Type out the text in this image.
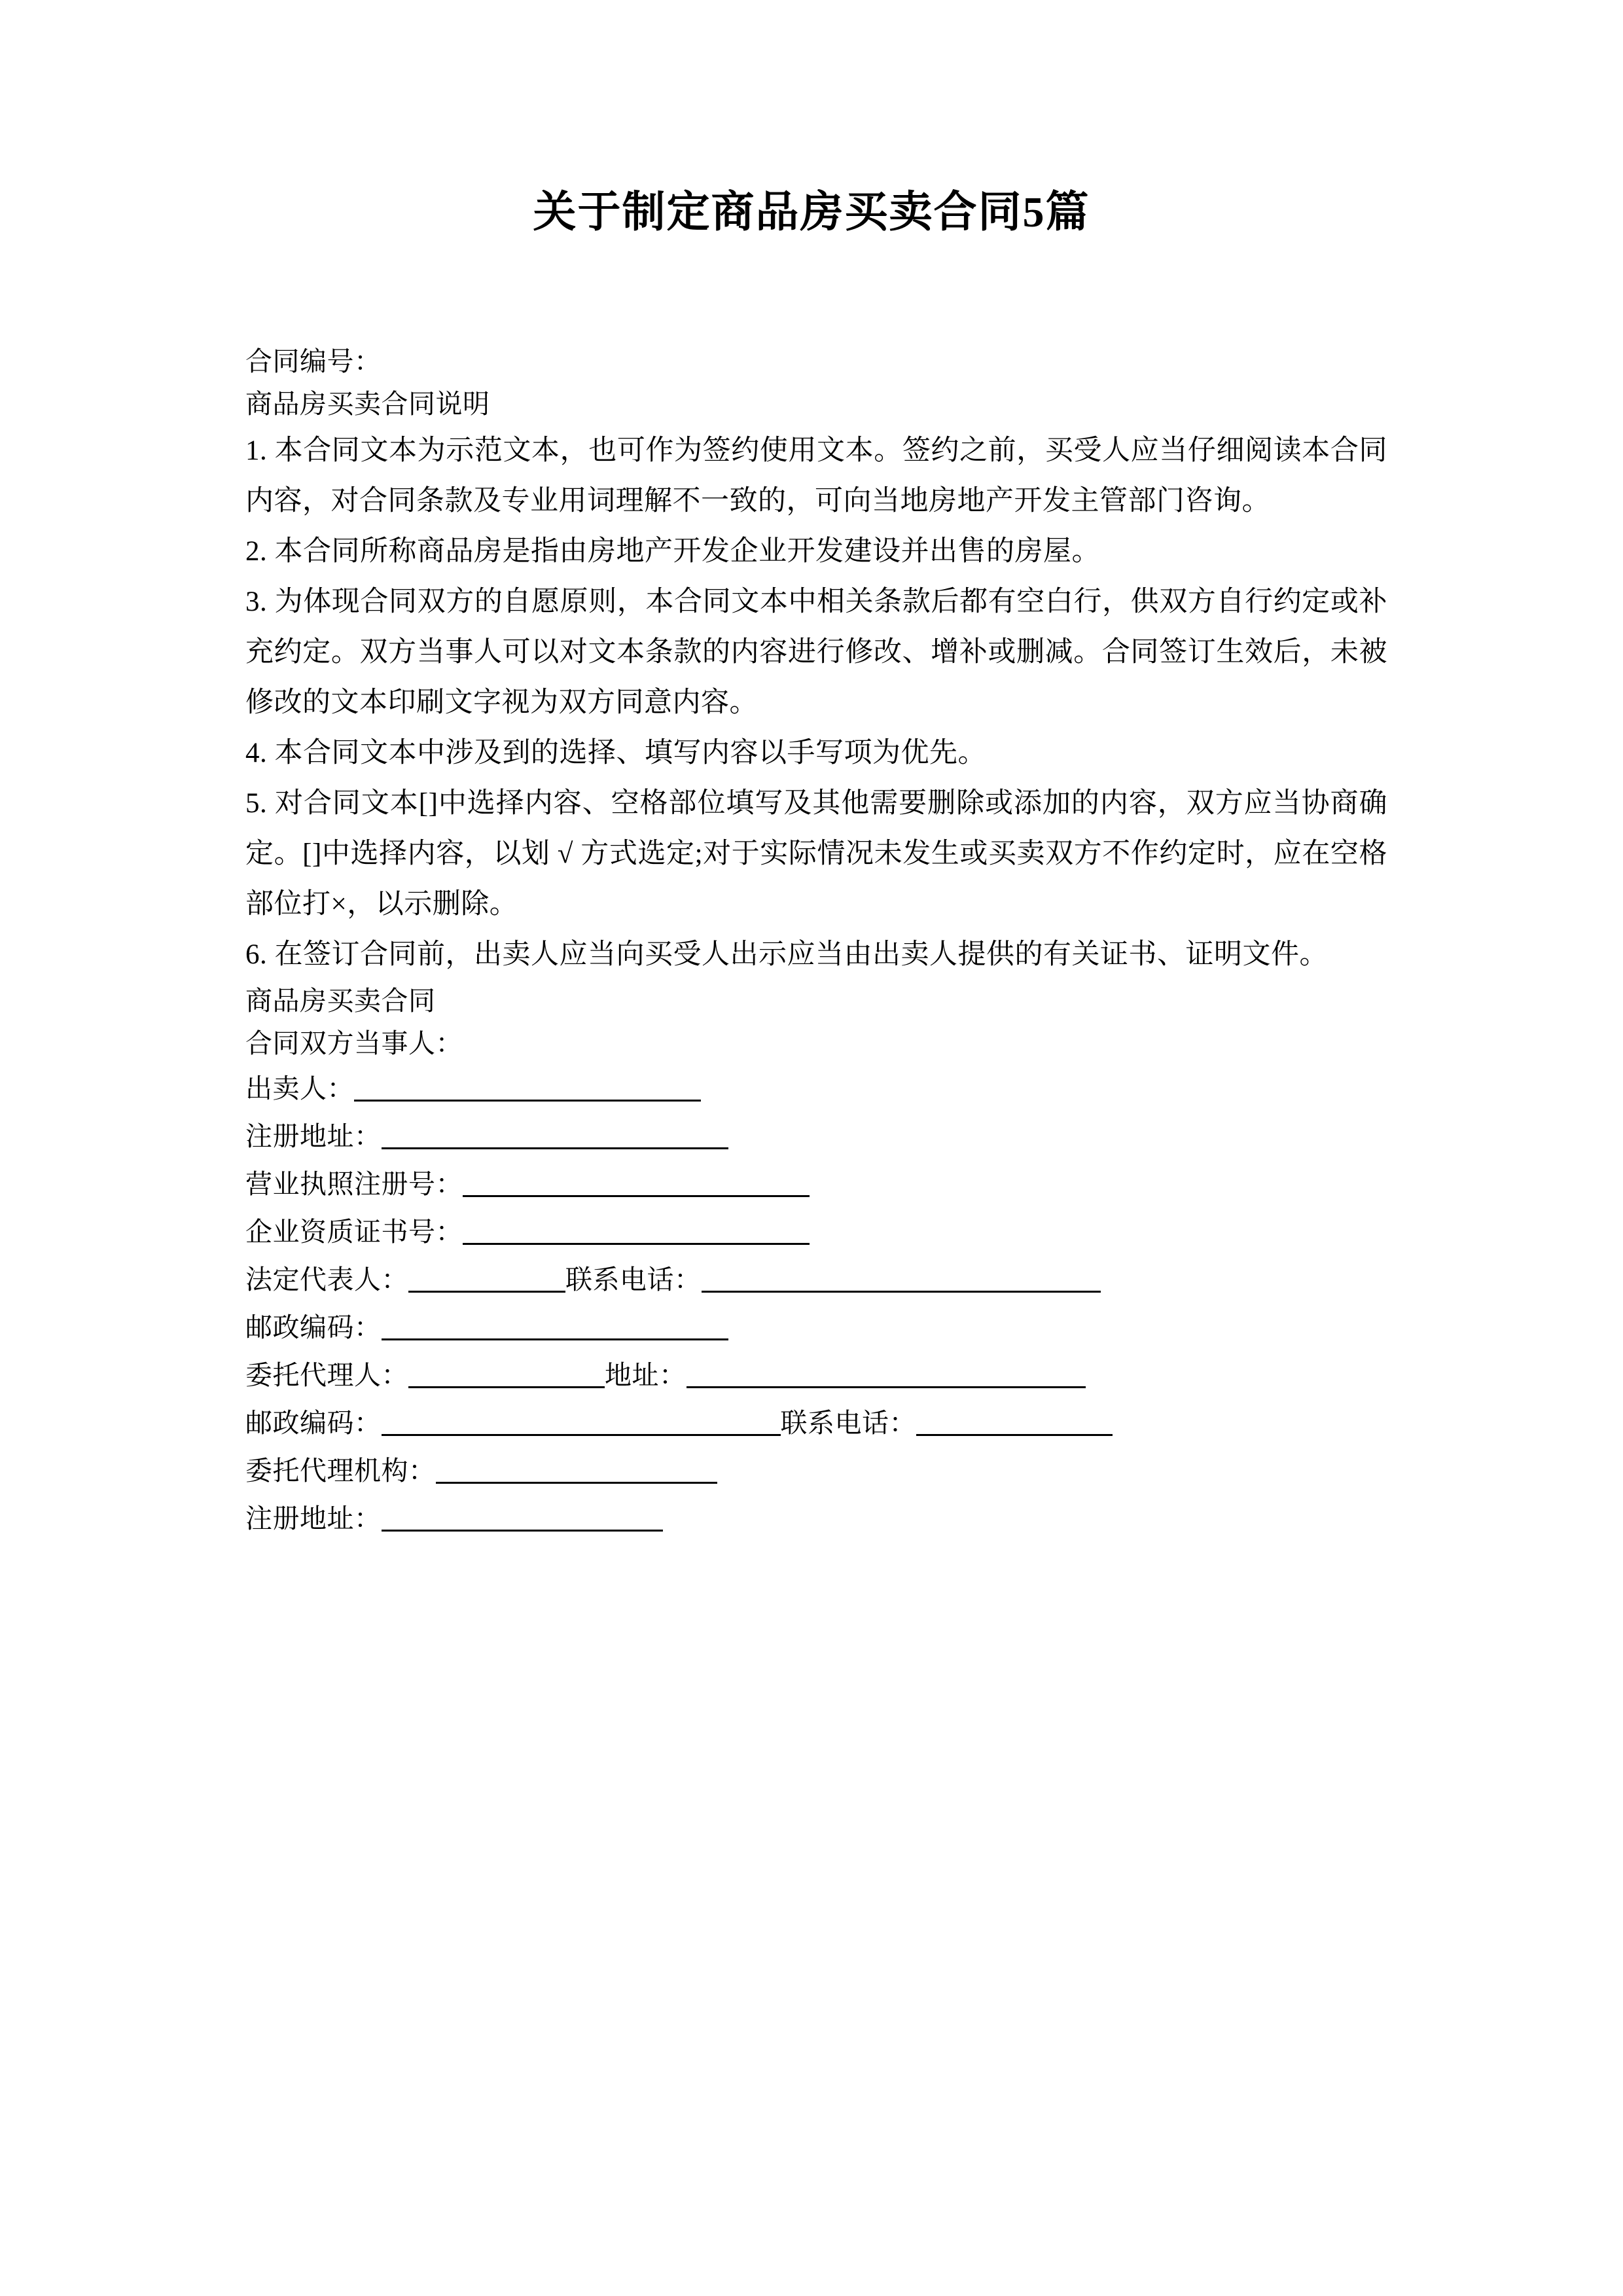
关于制定商品房买卖合同5篇
合同编号：
商品房买卖合同说明

1. 本合同文本为示范文本，也可作为签约使用文本。签约之前，买受人应当仔细阅读本合同内容，对合同条款及专业用词理解不一致的，可向当地房地产开发主管部门咨询。

2. 本合同所称商品房是指由房地产开发企业开发建设并出售的房屋。

3. 为体现合同双方的自愿原则，本合同文本中相关条款后都有空白行，供双方自行约定或补充约定。双方当事人可以对文本条款的内容进行修改、增补或删减。合同签订生效后，未被修改的文本印刷文字视为双方同意内容。

4. 本合同文本中涉及到的选择、填写内容以手写项为优先。

5. 对合同文本[]中选择内容、空格部位填写及其他需要删除或添加的内容，双方应当协商确定。[]中选择内容，以划 √ 方式选定;对于实际情况未发生或买卖双方不作约定时，应在空格部位打×，以示删除。

6. 在签订合同前，出卖人应当向买受人出示应当由出卖人提供的有关证书、证明文件。

商品房买卖合同
合同双方当事人：
出卖人：
注册地址：
营业执照注册号：
企业资质证书号：
法定代表人：	联系电话：
邮政编码：
委托代理人：	地址：
邮政编码：	联系电话：
委托代理机构：
注册地址：
